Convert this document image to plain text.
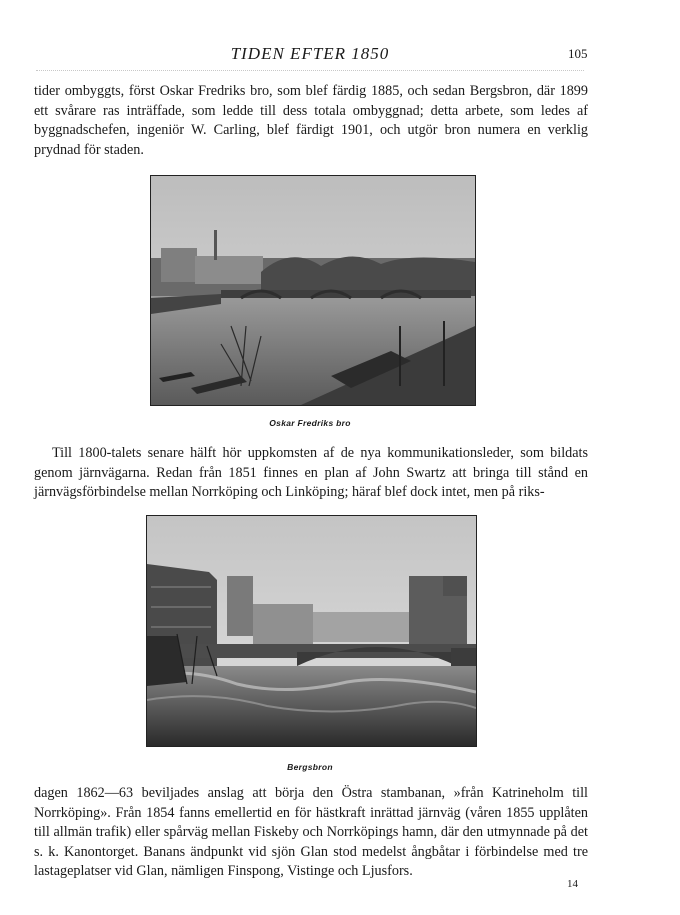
TIDEN EFTER 1850	105

tider ombyggts, först Oskar Fredriks bro, som blef färdig 1885, och sedan Bergsbron, där 1899 ett svårare ras inträffade, som ledde till dess totala ombyggnad; detta arbete, som ledes af byggnadschefen, ingeniör W. Carling, blef färdigt 1901, och utgör bron numera en verklig prydnad för staden.

Oskar Fredriks bro

Till 1800-talets senare hälft hör uppkomsten af de nya kommunikationsleder, som bildats genom järnvägarna. Redan från 1851 finnes en plan af John Swartz att bringa till stånd en järnvägsförbindelse mellan Norrköping och Linköping; häraf blef dock intet, men på riks-

Bergsbron

dagen 1862—63 beviljades anslag att börja den Östra stambanan, »från Katrineholm till Norrköping». Från 1854 fanns emellertid en för hästkraft inrättad järnväg (våren 1855 upplåten till allmän trafik) eller spårväg mellan Fiskeby och Norrköpings hamn, där den utmynnade på det s. k. Kanontorget. Banans ändpunkt vid sjön Glan stod medelst ångbåtar i förbindelse med tre lastageplatser vid Glan, nämligen Finspong, Vistinge och Ljusfors.

14
